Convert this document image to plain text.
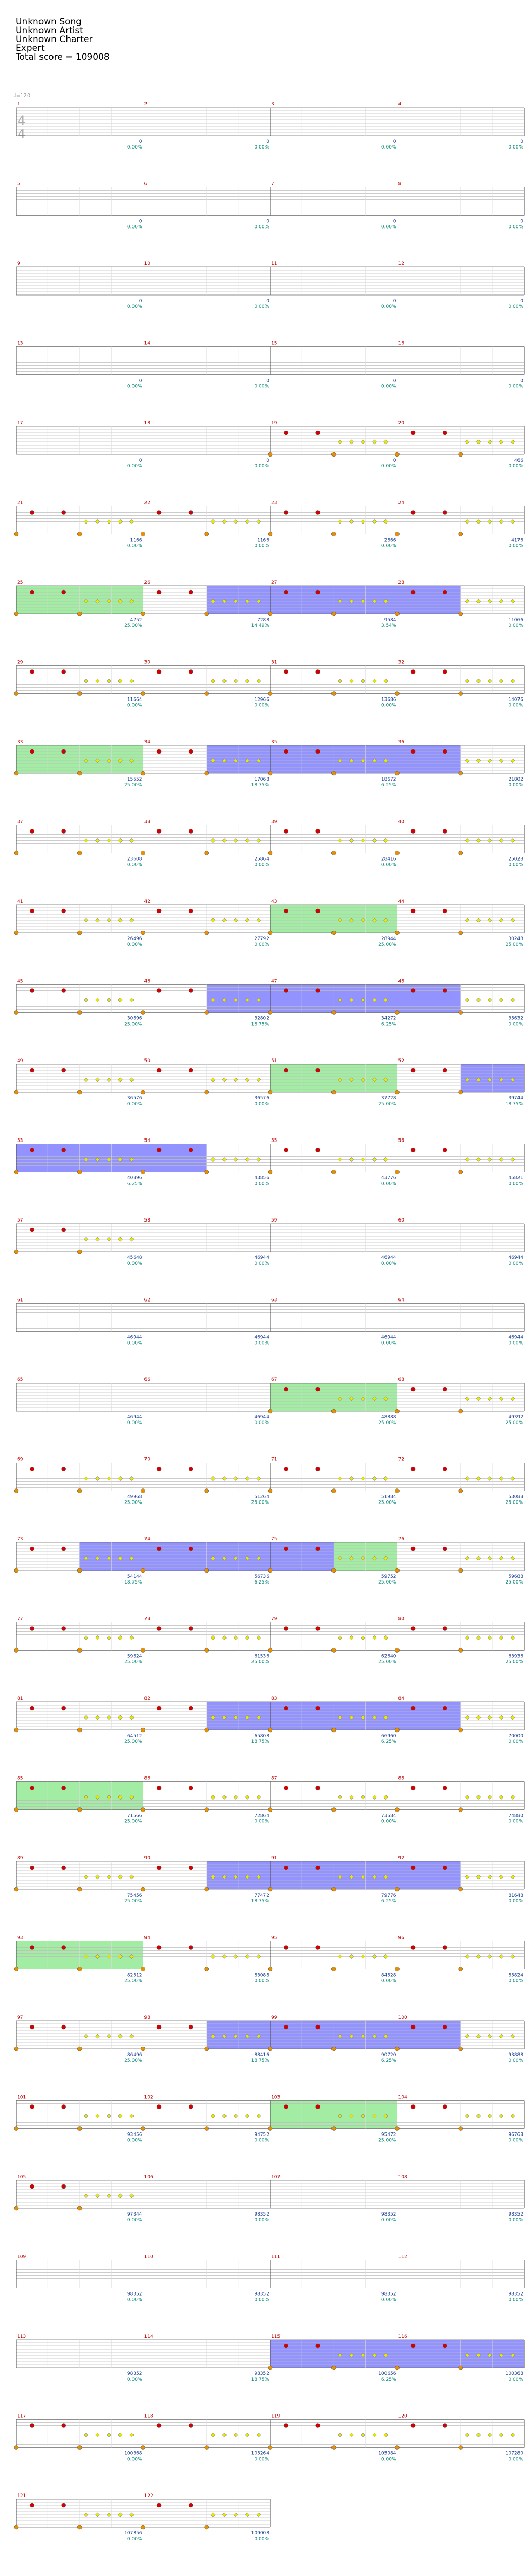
Unknown Song
Unknown Artist
Unknown Charter
Expert
Total score = 109008
♩=120
4
4
1
0
0.00%
2
0
0.00%
3
0
0.00%
4
0
0.00%
5
0
0.00%
6
0
0.00%
7
0
0.00%
8
0
0.00%
9
0
0.00%
10
0
0.00%
11
0
0.00%
12
0
0.00%
13
0
0.00%
14
0
0.00%
15
0
0.00%
16
0
0.00%
17
0
0.00%
18
0
0.00%
19
0
0.00%
20
466
0.00%
21
1166
0.00%
22
1166
0.00%
23
2866
0.00%
24
4176
0.00%
25
4752
25.00%
26
7288
14.49%
27
9584
3.54%
28
11066
0.00%
29
11664
0.00%
30
12966
0.00%
31
13686
0.00%
32
14076
0.00%
33
15552
25.00%
34
17068
18.75%
35
18672
6.25%
36
21802
0.00%
37
23608
0.00%
38
25864
0.00%
39
28416
0.00%
40
25028
0.00%
41
26496
0.00%
42
27792
0.00%
43
28944
25.00%
44
30248
25.00%
45
30896
25.00%
46
32802
18.75%
47
34272
6.25%
48
35632
0.00%
49
36576
0.00%
50
36576
0.00%
51
37728
25.00%
52
39744
18.75%
53
40896
6.25%
54
43856
0.00%
55
43776
0.00%
56
45821
0.00%
57
45648
0.00%
58
46944
0.00%
59
46944
0.00%
60
46944
0.00%
61
46944
0.00%
62
46944
0.00%
63
46944
0.00%
64
46944
0.00%
65
46944
0.00%
66
46944
0.00%
67
48888
25.00%
68
49392
25.00%
69
49968
25.00%
70
51264
25.00%
71
51984
25.00%
72
53088
25.00%
73
54144
18.75%
74
56736
6.25%
75
59752
25.00%
76
59688
25.00%
77
59824
25.00%
78
61536
25.00%
79
62640
25.00%
80
63936
25.00%
81
64512
25.00%
82
65808
18.75%
83
66960
6.25%
84
70000
0.00%
85
71566
25.00%
86
72864
0.00%
87
73584
0.00%
88
74880
0.00%
89
75456
25.00%
90
77472
18.75%
91
79776
6.25%
92
81648
0.00%
93
82512
25.00%
94
83088
0.00%
95
84528
0.00%
96
85824
0.00%
97
86496
25.00%
98
88416
18.75%
99
90720
6.25%
100
93888
0.00%
101
93456
0.00%
102
94752
0.00%
103
95472
25.00%
104
96768
0.00%
105
97344
0.00%
106
98352
0.00%
107
98352
0.00%
108
98352
0.00%
109
98352
0.00%
110
98352
0.00%
111
98352
0.00%
112
98352
0.00%
113
98352
0.00%
114
98352
18.75%
115
100656
6.25%
116
100368
0.00%
117
100368
0.00%
118
105264
0.00%
119
105984
0.00%
120
107280
0.00%
121
107856
0.00%
122
109008
0.00%
